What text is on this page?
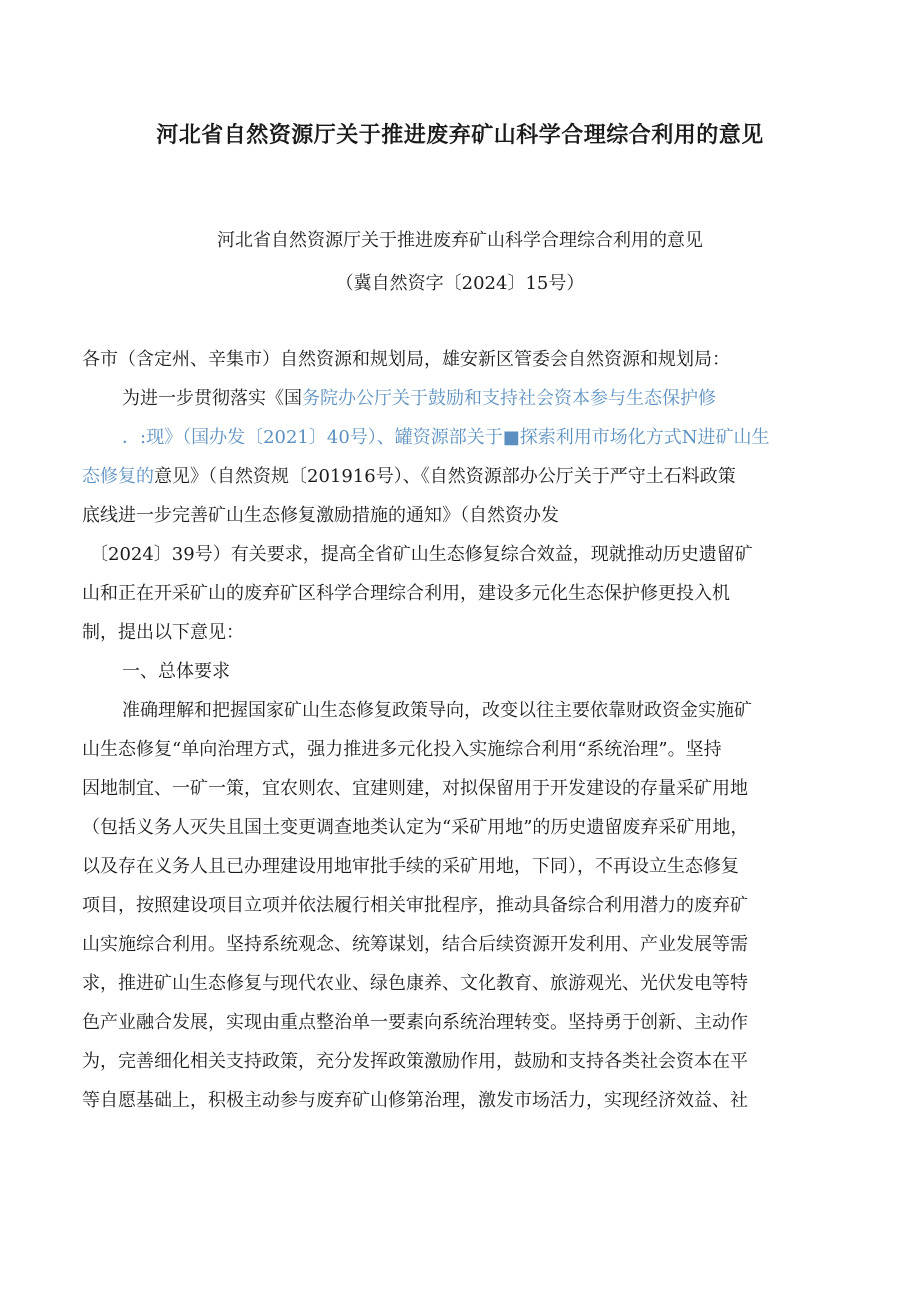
河北省自然资源厅关于推进废弃矿山科学合理综合利用的意见

河北省自然资源厅关于推进废弃矿山科学合理综合利用的意见

（冀自然资字〔2024〕15号）

各市（含定州、辛集市）自然资源和规划局，雄安新区管委会自然资源和规划局：

为进一步贯彻落实《国务院办公厅关于鼓励和支持社会资本参与生态保护修

．:现》（国办发〔2021〕40号）、罐资源部关于■探索利用市场化方式N进矿山生

态修复的意见》（自然资规〔201916号）、《自然资源部办公厅关于严守土石料政策

底线进一步完善矿山生态修复激励措施的通知》（自然资办发

〔2024〕39号）有关要求，提高全省矿山生态修复综合效益，现就推动历史遗留矿

山和正在开采矿山的废弃矿区科学合理综合利用，建设多元化生态保护修更投入机

制，提出以下意见：

一、总体要求

准确理解和把握国家矿山生态修复政策导向，改变以往主要依靠财政资金实施矿

山生态修复“单向治理方式，强力推进多元化投入实施综合利用“系统治理”。坚持

因地制宜、一矿一策，宜农则农、宜建则建，对拟保留用于开发建设的存量采矿用地

（包括义务人灭失且国土变更调查地类认定为“采矿用地”的历史遗留废弃采矿用地，

以及存在义务人且已办理建设用地审批手续的采矿用地，下同），不再设立生态修复

项目，按照建设项目立项并依法履行相关审批程序，推动具备综合利用潜力的废弃矿

山实施综合利用。坚持系统观念、统筹谋划，结合后续资源开发利用、产业发展等需

求，推进矿山生态修复与现代农业、绿色康养、文化教育、旅游观光、光伏发电等特

色产业融合发展，实现由重点整治单一要素向系统治理转变。坚持勇于创新、主动作

为，完善细化相关支持政策，充分发挥政策激励作用，鼓励和支持各类社会资本在平

等自愿基础上，积极主动参与废弃矿山修第治理，激发市场活力，实现经济效益、社
